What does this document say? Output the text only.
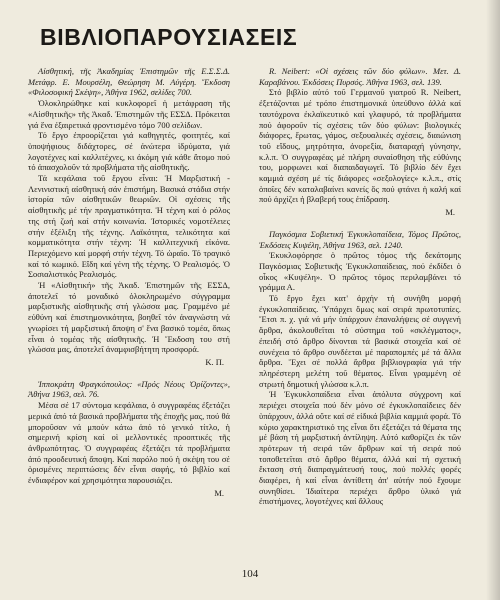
ΒΙΒΛΙΟΠΑΡΟΥΣΙΑΣΕΙΣ

Αἰσθητική, τῆς Ἀκαδημίας Ἐπιστημῶν τῆς Ε.Σ.Σ.Δ. Μετάφρ. Ε. Μουρσέλη, Θεώρηση Μ. Αὐγέρη. Ἔκδοση «Φιλοσοφική Σκέψη», Ἀθήνα 1962, σελίδες 700.

Ὁλοκληρώθηκε καί κυκλοφορεῖ ἡ μετάφραση τῆς «Αἰσθητικῆς» τῆς Ἀκαδ. Ἐπιστημῶν τῆς ΕΣΣΔ. Πρόκειται γιά ἕνα ἐξαιρετικά φροντισμένο τόμο 700 σελίδων.

Τό ἔργο ἐπροορίζεται γιά καθηγητές, φοιτητές, καί ὑποψήφιους διδάχτορες, σέ ἀνώτερα ἱδρύματα, γιά λογοτέχνες καί καλλιτέχνες, κι ἀκόμη γιά κάθε ἄτομο πού τό ἀπασχολοῦν τά προβλήματα τῆς αἰσθητικῆς.

Τά κεφάλαια τοῦ ἔργου εἶναι: Ἡ Μαρξιστική - Λενινιστική αἰσθητική σάν ἐπιστήμη. Βασικά στάδια στήν ἱστορία τῶν αἰσθητικῶν θεωριῶν. Οἱ σχέσεις τῆς αἰσθητικῆς μέ τήν πραγματικότητα. Ἡ τέχνη καί ὁ ρόλος της στή ζωή καί στήν κοινωνία. Ἱστορικές νομοτέλειες στήν ἐξέλιξη τῆς τέχνης. Λαϊκότητα, τελικότητα καί κομματικότητα στήν τέχνη: Ἡ καλλιτεχνική εἰκόνα. Περιεχόμενο καί μορφή στήν τέχνη. Τό ὡραῖο. Τό τραγικό καί τό κωμικό. Εἴδη καί γένη τῆς τέχνης. Ὁ Ρεαλισμός. Ὁ Σοσιαλιστικός Ρεαλισμός.

Ἡ «Αἰσθητική» τῆς Ἀκαδ. Ἐπιστημῶν τῆς ΕΣΣΔ, ἀποτελεῖ τό μοναδικό ὁλοκληρωμένο σύγγραμμα μαρξιστικῆς αἰσθητικῆς στή γλώσσα μας. Γραμμένο μέ εὐθύνη καί ἐπιστημονικότητα, βοηθεῖ τόν ἀναγνώστη νά γνωρίσει τή μαρξιστική ἄποψη σ' ἕνα βασικό τομέα, ὅπως εἶναι ὁ τομέας τῆς αἰσθητικῆς. Ἡ Ἔκδοση του στή γλώσσα μας, ἀποτελεῖ ἀναμφισβήτητη προσφορά.

Κ. Π.

Ἰπποκράτη Φραγκόπουλος: «Πρός Νέους Ὁρίζοντες», Ἀθήνα 1963, σελ. 76.

Μέσα σέ 17 σύντομα κεφάλαια, ὁ συγγραφέας ἐξετάζει μερικά ἀπό τά βασικά προβλήματα τῆς ἐποχῆς μας, πού θά μποροῦσαν νά μπούν κάτω ἀπό τό γενικό τίτλο, ἡ σημερινή κρίση καί οἱ μελλοντικές προοπτικές τῆς ἀνθρωπότητας. Ὁ συγγραφέας ἐξετάζει τά προβλήματα ἀπό προοδευτική ἄποψη. Καί παρόλο πού ἡ σκέψη του σέ ὁρισμένες περιπτώσεις δέν εἶναι σαφής, τό βιβλίο καί ἐνδιαφέρον καί χρησιμότητα παρουσιάζει.

Μ.

R. Neibert: «Οἱ σχέσεις τῶν δύο φύλων». Μετ. Δ. Καραβάνου. Ἐκδόσεις Πυρσός. Ἀθήνα 1963, σελ. 139.

Στό βιβλίο αὐτό τοῦ Γερμανοῦ γιατροῦ R. Neibert, ἐξετάζονται μέ τρόπο ἐπιστημονικά ὑπεύθυνο ἀλλά καί ταυτόχρονα ἐκλαϊκευτικό καί γλαφυρό, τά προβλήματα πού ἀφοροῦν τίς σχέσεις τῶν δύο φύλων: βιολογικές διάφορες, ἔρωτας, γάμος, σεξουαλικές σχέσεις, διαιώνιση τοῦ εἴδους, μητρότητα, ἀνορεξία, διαταραχή γύνησην, κ.λ.π. Ὁ συγγραφέας μέ πλήρη συναίσθηση τῆς εὐθύνης του, μορφωνει καί διαπαιδαγωγεῖ. Τό βιβλίο δέν ἔχει καμμιά σχέση μέ τίς διάφορες «σεξολογίες» κ.λ.π., στίς ὁποῖες δέν καταλαβαίνει κανείς ὅς πού φτάνει ἡ καλή καί πού ἀρχίζει ἡ βλαβερή τους ἐπίδραση.

Μ.

Παγκόσμια Σοβιετική Ἐγκυκλοπαίδεια, Τόμος Πρῶτος, Ἐκδόσεις Κυψέλη, Ἀθήνα 1963, σελ. 1240.

Ἐκυκλοφόρησε ὁ πρῶτος τόμος τῆς δεκάτομης Παγκόσμιας Σοβιετικῆς Ἐγκυκλοπαίδειας, πού ἐκδίδει ὁ οἶκος «Κυψέλη». Ὁ πρῶτος τόμος περιλαμβάνει τό γράμμα Α.

Τό ἔργο ἔχει κατ' ἀρχήν τή συνήθη μορφή ἐγκυκλοπαίδειας. Ὑπάρχει ὅμως καί σειρά πρωτοτυπίες. Ἔτσι π. χ. γιά νά μήν ὑπάρχουν ἐπαναλήψεις σέ συγγενή ἄρθρα, ἀκολουθεῖται τό σύστημα τοῦ «σκλέγματος», ἐπειδή στό ἄρθρο δίνονται τά βασικά στοιχεῖα καί σέ συνέχεια τό ἄρθρο συνδέεται μέ παραπομπές μέ τά ἄλλα ἄρθρα. Ἔχει σέ πολλά ἄρθρα βιβλιογραφία γιά τήν πληρέστερη μελέτη τοῦ θέματος. Εἶναι γραμμένη σέ στρωτή δημοτική γλώσσα κ.λ.π.

Ἡ Ἐγκυκλοπαίδεια εἶναι ἀπόλυτα σύγχρονη καί περιέχει στοιχεῖα πού δέν μόνο σέ ἐγκυκλοπαίδειες δέν ὑπάρχουν, ἀλλά οὔτε καί σέ εἰδικά βιβλία καμμιά φορά. Τό κύριο χαρακτηριστικό της εἶναι ὅτι ἐξετάζει τά θέματα της μέ βάση τή μαρξιστική ἀντίληψη. Αὐτό καθορίζει ἐκ τῶν πρότερων τή σειρά τῶν ἄρθρων καί τή σειρά πού τοποθετεῖται στό ἄρθρο θέματα, ἀλλά καί τή σχετική ἔκταση στή διαπραγμάτευσή τους, πού πολλές φορές διαφέρει, ἡ καί εἶναι ἀντίθετη ἀπ' αὐτήν πού ἔχουμε συνηθίσει. Ἰδιαίτερα περιέχει ἄρθρο ὑλικό γιά ἐπιστήμονες, λογοτέχνες καί ἄλλους

104
